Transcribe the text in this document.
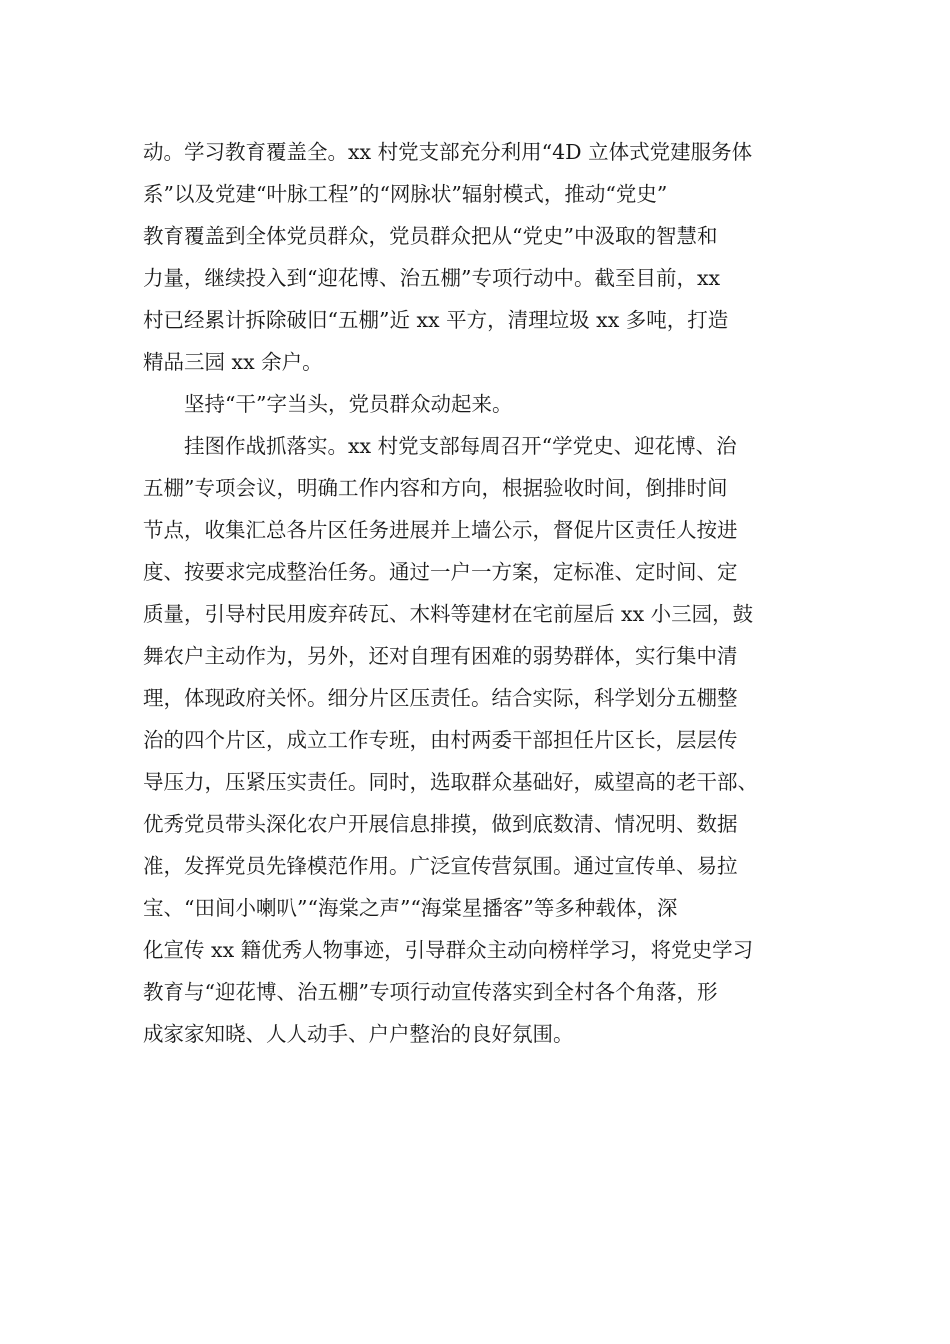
动。学习教育覆盖全。xx 村党支部充分利用“4D 立体式党建服务体
系”以及党建“叶脉工程”的“网脉状”辐射模式，推动“党史”
教育覆盖到全体党员群众，党员群众把从“党史”中汲取的智慧和
力量，继续投入到“迎花博、治五棚”专项行动中。截至目前，xx
村已经累计拆除破旧“五棚”近 xx 平方，清理垃圾 xx 多吨，打造
精品三园 xx 余户。
坚持“干”字当头，党员群众动起来。
挂图作战抓落实。xx 村党支部每周召开“学党史、迎花博、治
五棚”专项会议，明确工作内容和方向，根据验收时间，倒排时间
节点，收集汇总各片区任务进展并上墙公示，督促片区责任人按进
度、按要求完成整治任务。通过一户一方案，定标准、定时间、定
质量，引导村民用废弃砖瓦、木料等建材在宅前屋后 xx 小三园，鼓
舞农户主动作为，另外，还对自理有困难的弱势群体，实行集中清
理，体现政府关怀。细分片区压责任。结合实际，科学划分五棚整
治的四个片区，成立工作专班，由村两委干部担任片区长，层层传
导压力，压紧压实责任。同时，选取群众基础好，威望高的老干部、
优秀党员带头深化农户开展信息排摸，做到底数清、情况明、数据
准，发挥党员先锋模范作用。广泛宣传营氛围。通过宣传单、易拉
宝、“田间小喇叭”“海棠之声”“海棠星播客”等多种载体，深
化宣传 xx 籍优秀人物事迹，引导群众主动向榜样学习，将党史学习
教育与“迎花博、治五棚”专项行动宣传落实到全村各个角落，形
成家家知晓、人人动手、户户整治的良好氛围。
